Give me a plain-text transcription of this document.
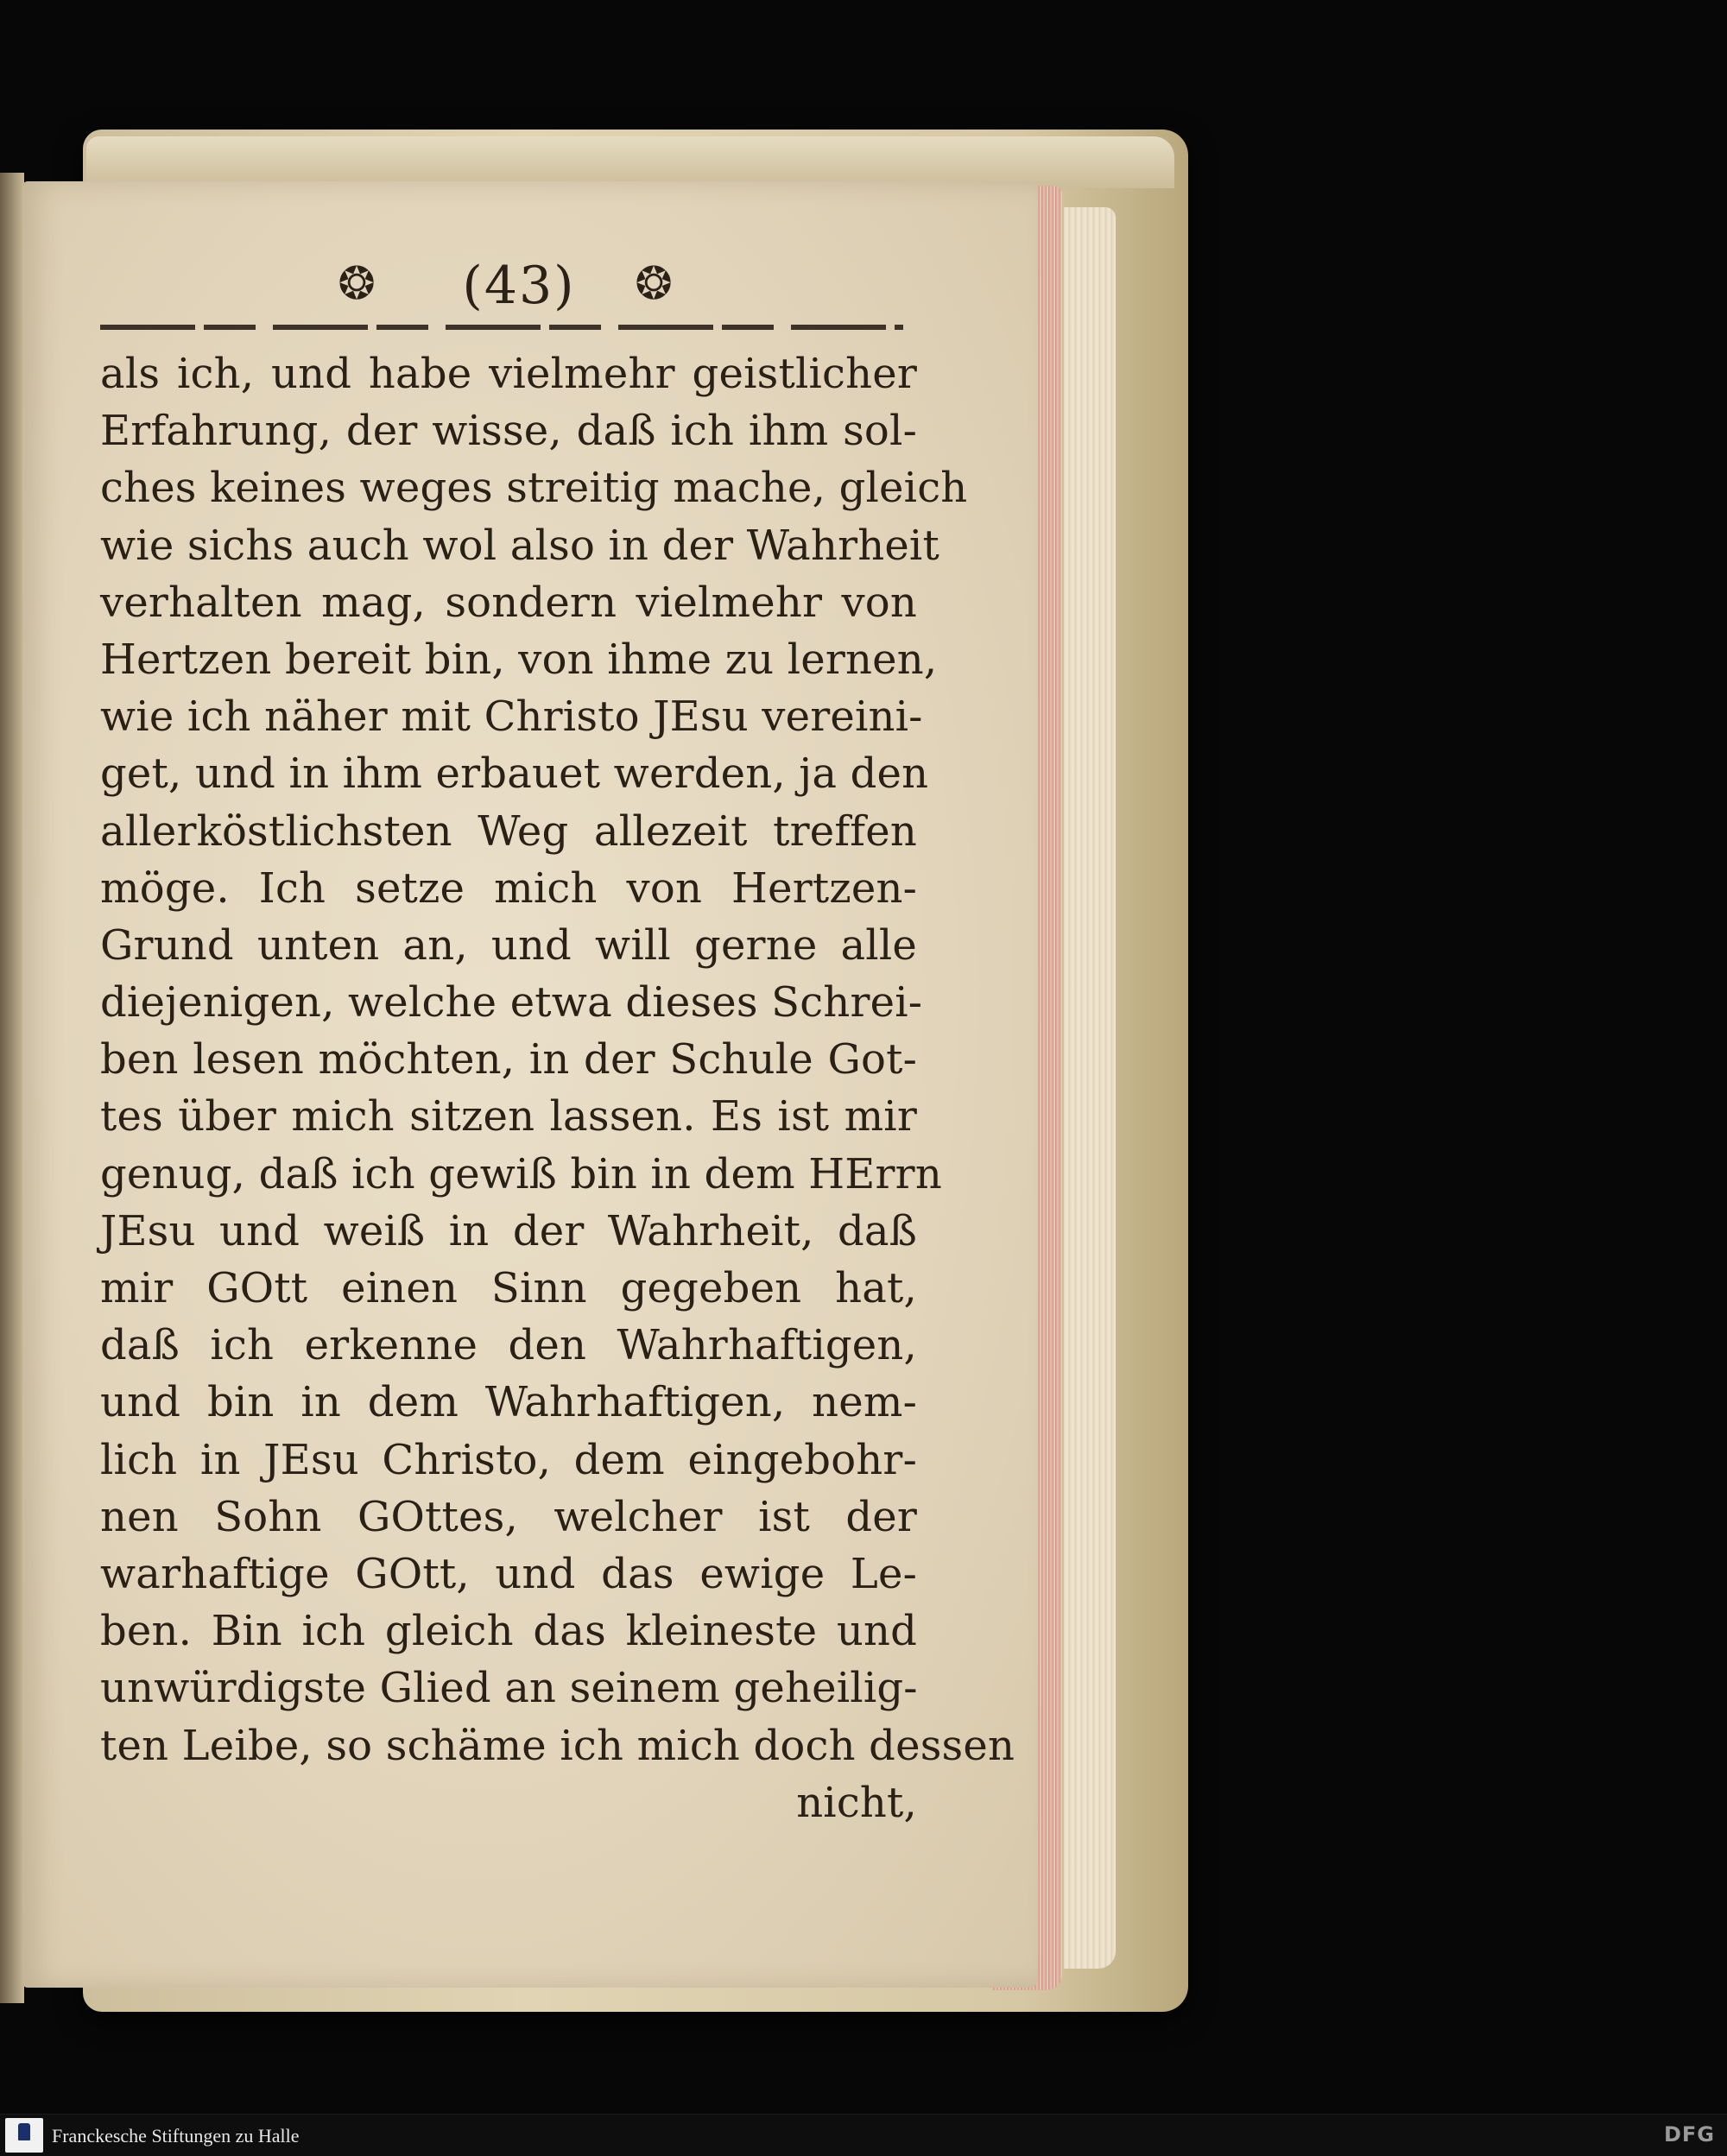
❂	(43)	❂
als ich, und habe vielmehr geistlicher
Erfahrung, der wisse, daß ich ihm sol-
ches keines weges streitig mache, gleich
wie sichs auch wol also in der Wahrheit
verhalten mag, sondern vielmehr von
Hertzen bereit bin, von ihme zu lernen,
wie ich näher mit Christo JEsu vereini-
get, und in ihm erbauet werden, ja den
allerköstlichsten Weg allezeit treffen
möge. Ich setze mich von Hertzen-
Grund unten an, und will gerne alle
diejenigen, welche etwa dieses Schrei-
ben lesen möchten, in der Schule Got-
tes über mich sitzen lassen. Es ist mir
genug, daß ich gewiß bin in dem HErrn
JEsu und weiß in der Wahrheit, daß
mir GOtt einen Sinn gegeben hat,
daß ich erkenne den Wahrhaftigen,
und bin in dem Wahrhaftigen, nem-
lich in JEsu Christo, dem eingebohr-
nen Sohn GOttes, welcher ist der
warhaftige GOtt, und das ewige Le-
ben. Bin ich gleich das kleineste und
unwürdigste Glied an seinem geheilig-
ten Leibe, so schäme ich mich doch dessen
nicht,
Franckesche Stiftungen zu Halle	DFG
